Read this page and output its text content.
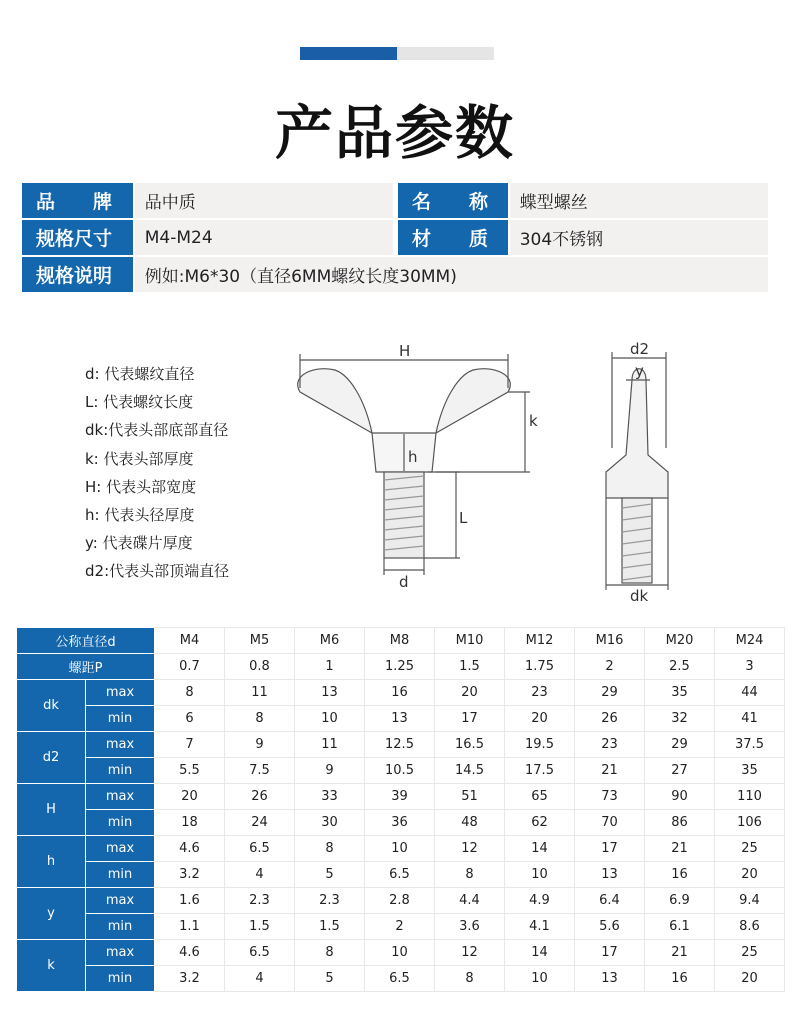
产品参数
品　　牌	品中质	名　　称	蝶型螺丝
规格尺寸	M4-M24	材　　质	304不锈钢
规格说明	例如:M6*30（直径6MM螺纹长度30MM)
d: 代表螺纹直径
L: 代表螺纹长度
dk:代表头部底部直径
k: 代表头部厚度
H: 代表头部宽度
h: 代表头径厚度
y: 代表碟片厚度
d2:代表头部顶端直径
H
k
h
L
d
d2
y
dk
公称直径d		M4	M5	M6	M8	M10	M12	M16	M20	M24
螺距P		0.7	0.8	1	1.25	1.5	1.75	2	2.5	3
dk	max	8	11	13	16	20	23	29	35	44
	min	6	8	10	13	17	20	26	32	41
d2	max	7	9	11	12.5	16.5	19.5	23	29	37.5
	min	5.5	7.5	9	10.5	14.5	17.5	21	27	35
H	max	20	26	33	39	51	65	73	90	110
	min	18	24	30	36	48	62	70	86	106
h	max	4.6	6.5	8	10	12	14	17	21	25
	min	3.2	4	5	6.5	8	10	13	16	20
y	max	1.6	2.3	2.3	2.8	4.4	4.9	6.4	6.9	9.4
	min	1.1	1.5	1.5	2	3.6	4.1	5.6	6.1	8.6
k	max	4.6	6.5	8	10	12	14	17	21	25
	min	3.2	4	5	6.5	8	10	13	16	20
